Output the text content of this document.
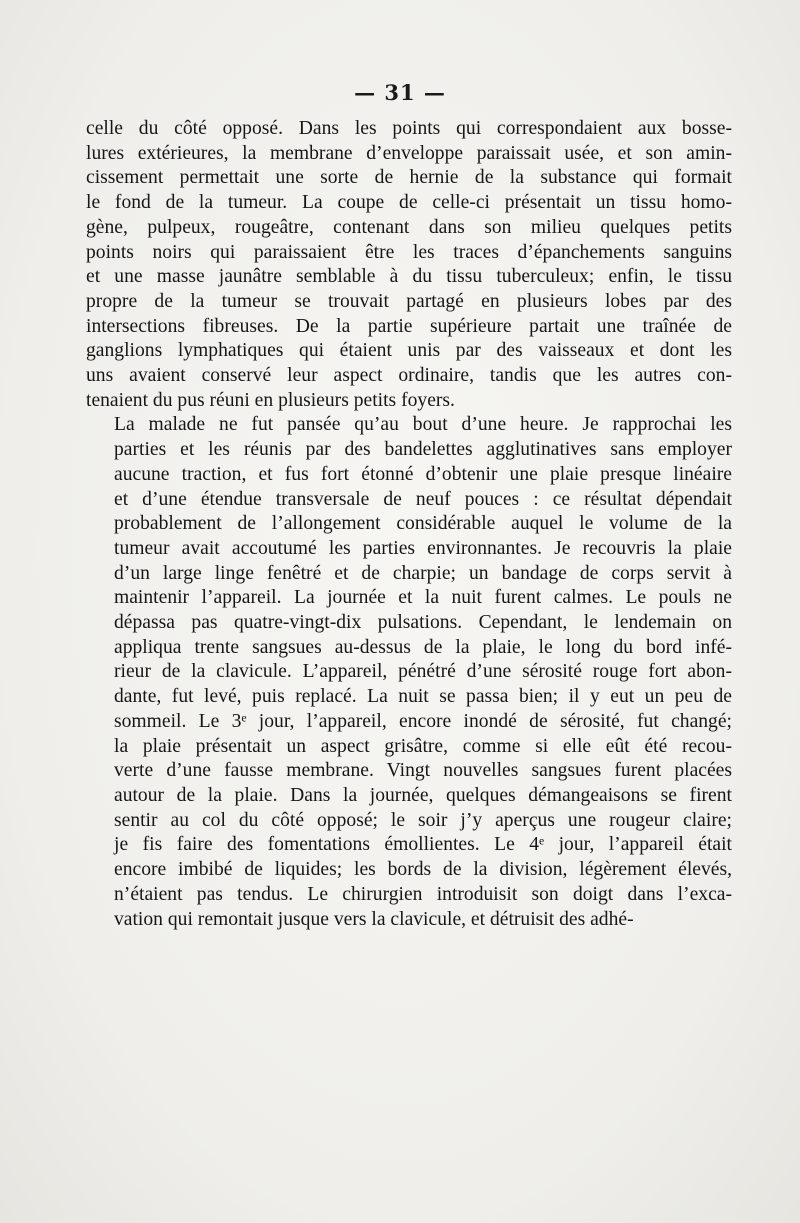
— 31 —

celle du côté opposé. Dans les points qui correspondaient aux bosse-
lures extérieures, la membrane d’enveloppe paraissait usée, et son amin-
cissement permettait une sorte de hernie de la substance qui formait
le fond de la tumeur. La coupe de celle-ci présentait un tissu homo-
gène, pulpeux, rougeâtre, contenant dans son milieu quelques petits
points noirs qui paraissaient être les traces d’épanchements sanguins
et une masse jaunâtre semblable à du tissu tuberculeux; enfin, le tissu
propre de la tumeur se trouvait partagé en plusieurs lobes par des
intersections fibreuses. De la partie supérieure partait une traînée de
ganglions lymphatiques qui étaient unis par des vaisseaux et dont les
uns avaient conservé leur aspect ordinaire, tandis que les autres con-
tenaient du pus réuni en plusieurs petits foyers.

La malade ne fut pansée qu’au bout d’une heure. Je rapprochai les
parties et les réunis par des bandelettes agglutinatives sans employer
aucune traction, et fus fort étonné d’obtenir une plaie presque linéaire
et d’une étendue transversale de neuf pouces : ce résultat dépendait
probablement de l’allongement considérable auquel le volume de la
tumeur avait accoutumé les parties environnantes. Je recouvris la plaie
d’un large linge fenêtré et de charpie; un bandage de corps servit à
maintenir l’appareil. La journée et la nuit furent calmes. Le pouls ne
dépassa pas quatre-vingt-dix pulsations. Cependant, le lendemain on
appliqua trente sangsues au-dessus de la plaie, le long du bord infé-
rieur de la clavicule. L’appareil, pénétré d’une sérosité rouge fort abon-
dante, fut levé, puis replacé. La nuit se passa bien; il y eut un peu de
sommeil. Le 3ᵉ jour, l’appareil, encore inondé de sérosité, fut changé;
la plaie présentait un aspect grisâtre, comme si elle eût été recou-
verte d’une fausse membrane. Vingt nouvelles sangsues furent placées
autour de la plaie. Dans la journée, quelques démangeaisons se firent
sentir au col du côté opposé; le soir j’y aperçus une rougeur claire;
je fis faire des fomentations émollientes. Le 4ᵉ jour, l’appareil était
encore imbibé de liquides; les bords de la division, légèrement élevés,
n’étaient pas tendus. Le chirurgien introduisit son doigt dans l’exca-
vation qui remontait jusque vers la clavicule, et détruisit des adhé-
